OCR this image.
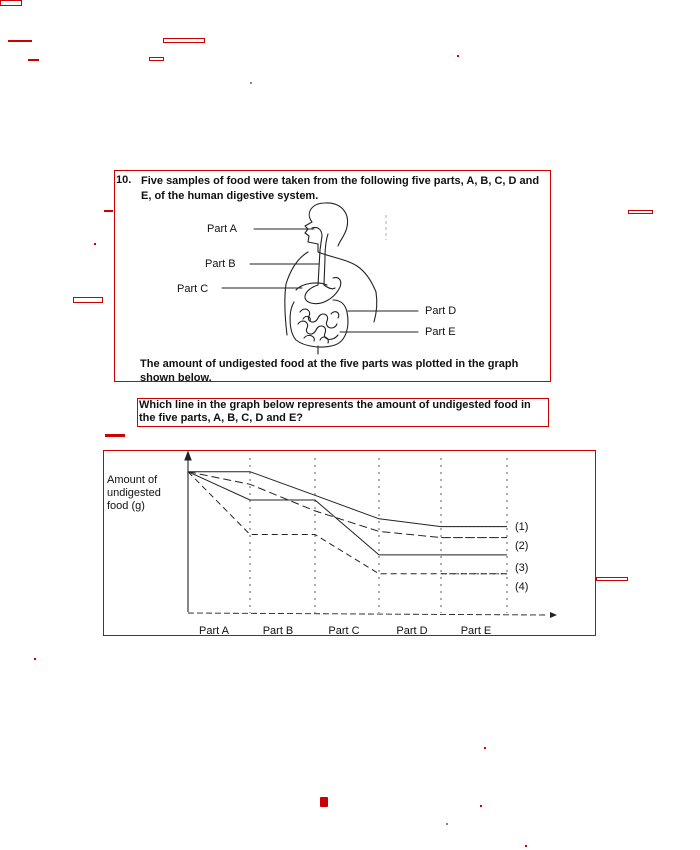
10. Five samples of food were taken from the following five parts, A, B, C, D and E, of the human digestive system.
Part A
Part B
Part C
Part D
Part E
The amount of undigested food at the five parts was plotted in the graph shown below.
Which line in the graph below represents the amount of undigested food in the five parts, A, B, C, D and E?
Amount of undigested food (g)
(1)
(2)
(3)
(4)
Part A	Part B	Part C	Part D	Part E
